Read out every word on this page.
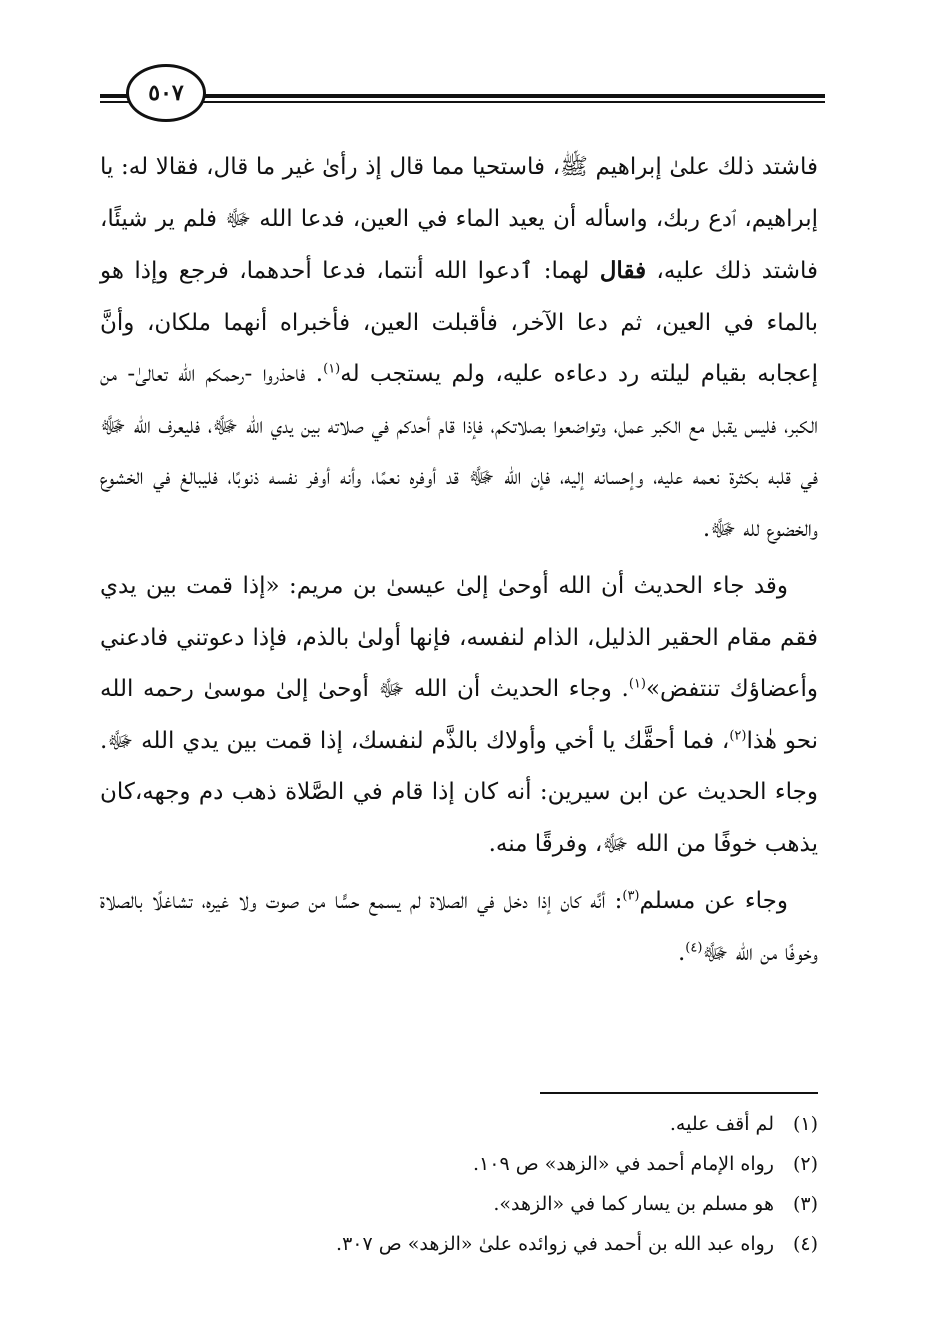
٥٠٧

فاشتد ذلك علىٰ إبراهيم ﷺ، فاستحيا مما قال إذ رأىٰ غير ما قال، فقالا له: يا إبراهيم، ٱدع ربك، واسأله أن يعيد الماء في العين، فدعا الله ﷻ فلم ير شيئًا، فاشتد ذلك عليه، فقال لهما: ٱدعوا الله أنتما، فدعا أحدهما، فرجع وإذا هو بالماء في العين، ثم دعا الآخر، فأقبلت العين، فأخبراه أنهما ملكان، وأنَّ إعجابه بقيام ليلته رد دعاءه عليه، ولم يستجب له$^{(١)}$. فاحذروا -رحمكم الله تعالىٰ- من الكبر، فليس يقبل مع الكبر عمل، وتواضعوا بصلاتكم، فإذا قام أحدكم في صلاته بين يدي الله ﷻ، فليعرف الله ﷻ في قلبه بكثرة نعمه عليه، وإحسانه إليه، فإن الله ﷻ قد أوفره نعمًا، وأنه أوفر نفسه ذنوبًا، فليبالغ في الخشوع والخضوع لله ﷻ.

وقد جاء الحديث أن الله أوحىٰ إلىٰ عيسىٰ بن مريم: «إذا قمت بين يدي فقم مقام الحقير الذليل، الذام لنفسه، فإنها أولىٰ بالذم، فإذا دعوتني فادعني وأعضاؤك تنتفض»$^{(١)}$. وجاء الحديث أن الله ﷻ أوحىٰ إلىٰ موسىٰ رحمه الله نحو هٰذا$^{(٢)}$، فما أحقَّك يا أخي وأولاك بالذَّم لنفسك، إذا قمت بين يدي الله ﷻ. وجاء الحديث عن ابن سيرين: أنه كان إذا قام في الصَّلاة ذهب دم وجهه،كان يذهب خوفًا من الله ﷻ، وفرقًا منه.

وجاء عن مسلم$^{(٣)}$: أنَّه كان إذا دخل في الصلاة لم يسمع حسًّا من صوت ولا غيره، تشاغلًا بالصلاة وخوفًا من الله ﷻ$^{(٤)}$.

(١)
لم أقف عليه.
(٢)
رواه الإمام أحمد في «الزهد» ص ١٠٩.
(٣)
هو مسلم بن يسار كما في «الزهد».
(٤)
رواه عبد الله بن أحمد في زوائده علىٰ «الزهد» ص ٣٠٧.
